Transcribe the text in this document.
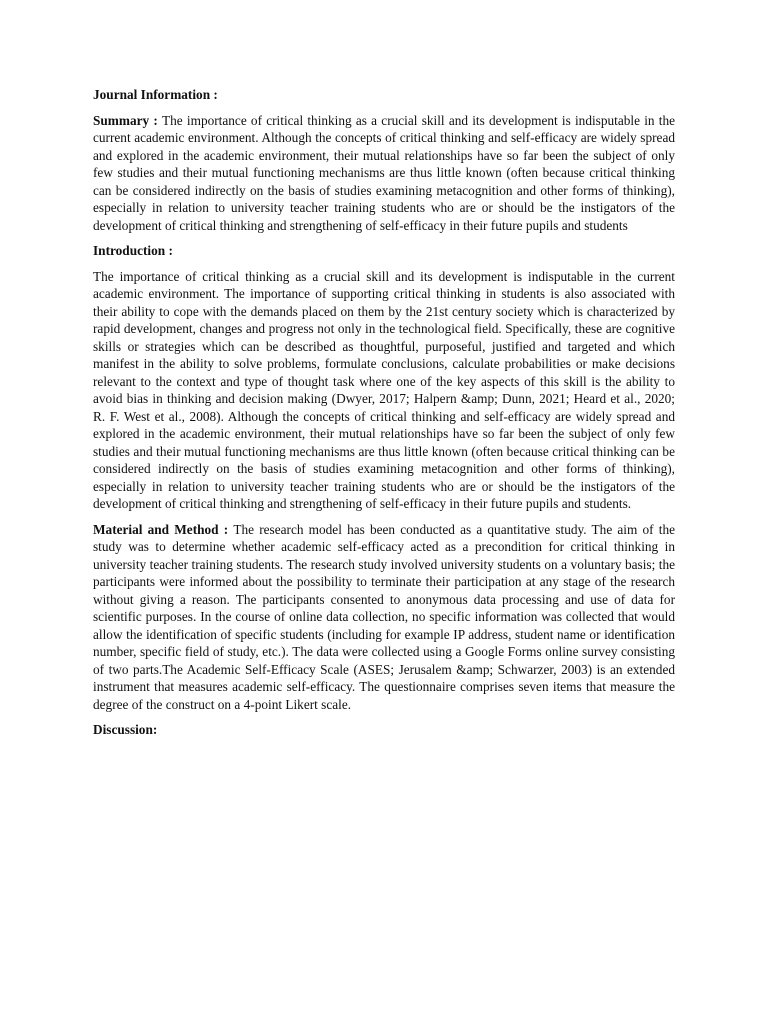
Journal Information :

Summary : The importance of critical thinking as a crucial skill and its development is indisputable in the current academic environment. Although the concepts of critical thinking and self-efficacy are widely spread and explored in the academic environment, their mutual relationships have so far been the subject of only few studies and their mutual functioning mechanisms are thus little known (often because critical thinking can be considered indirectly on the basis of studies examining metacognition and other forms of thinking), especially in relation to university teacher training students who are or should be the instigators of the development of critical thinking and strengthening of self-efficacy in their future pupils and students

Introduction :

The importance of critical thinking as a crucial skill and its development is indisputable in the current academic environment. The importance of supporting critical thinking in students is also associated with their ability to cope with the demands placed on them by the 21st century society which is characterized by rapid development, changes and progress not only in the technological field. Specifically, these are cognitive skills or strategies which can be described as thoughtful, purposeful, justified and targeted and which manifest in the ability to solve problems, formulate conclusions, calculate probabilities or make decisions relevant to the context and type of thought task where one of the key aspects of this skill is the ability to avoid bias in thinking and decision making (Dwyer, 2017; Halpern &amp; Dunn, 2021; Heard et al., 2020; R. F. West et al., 2008). Although the concepts of critical thinking and self-efficacy are widely spread and explored in the academic environment, their mutual relationships have so far been the subject of only few studies and their mutual functioning mechanisms are thus little known (often because critical thinking can be considered indirectly on the basis of studies examining metacognition and other forms of thinking), especially in relation to university teacher training students who are or should be the instigators of the development of critical thinking and strengthening of self-efficacy in their future pupils and students.

Material and Method : The research model has been conducted as a quantitative study. The aim of the study was to determine whether academic self-efficacy acted as a precondition for critical thinking in university teacher training students. The research study involved university students on a voluntary basis; the participants were informed about the possibility to terminate their participation at any stage of the research without giving a reason. The participants consented to anonymous data processing and use of data for scientific purposes. In the course of online data collection, no specific information was collected that would allow the identification of specific students (including for example IP address, student name or identification number, specific field of study, etc.). The data were collected using a Google Forms online survey consisting of two parts.The Academic Self-Efficacy Scale (ASES; Jerusalem &amp; Schwarzer, 2003) is an extended instrument that measures academic self-efficacy. The questionnaire comprises seven items that measure the degree of the construct on a 4-point Likert scale.

Discussion:
